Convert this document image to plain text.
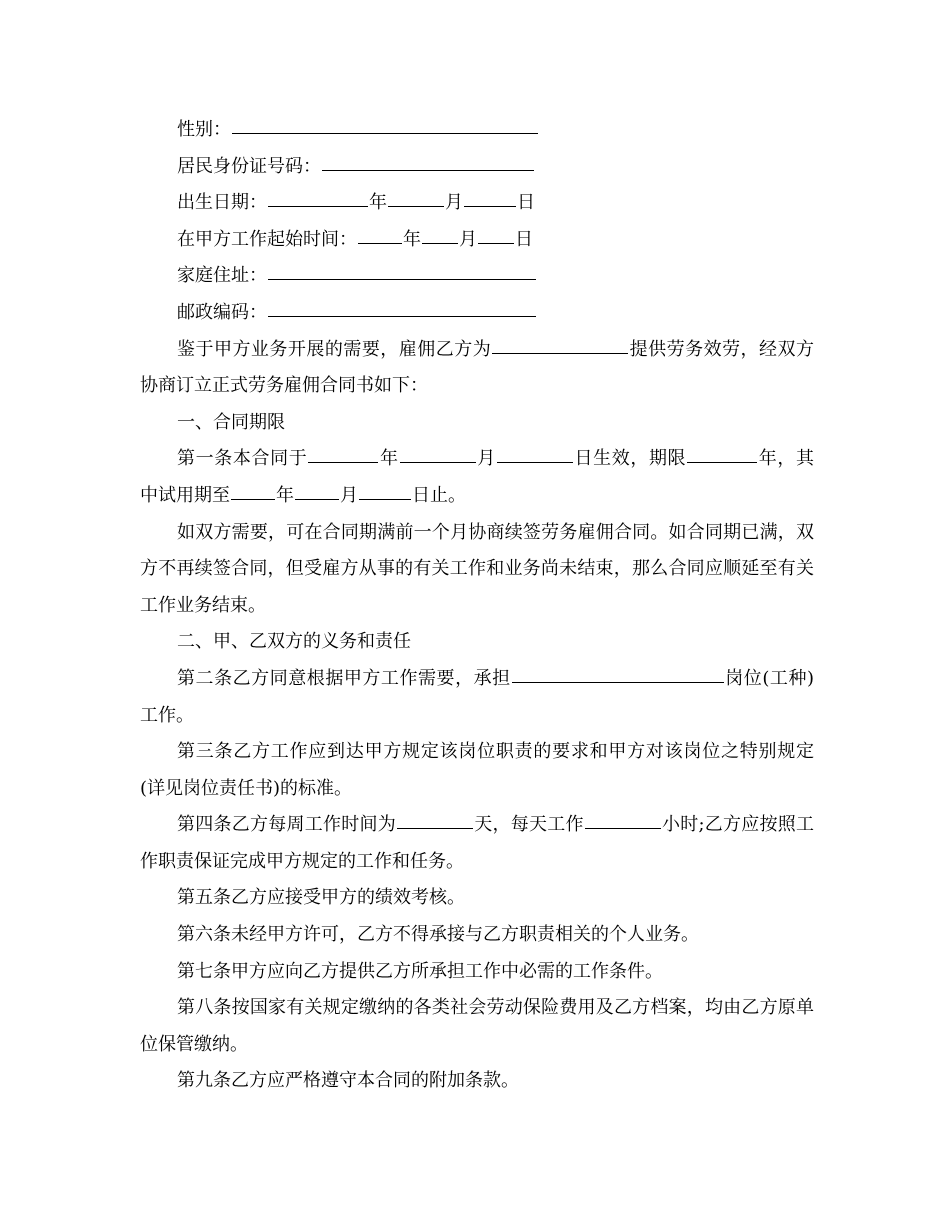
性别：
居民身份证号码：
出生日期：	年	月	日
在甲方工作起始时间：	年 月 日
家庭住址：
邮政编码：
鉴于甲方业务开展的需要，雇佣乙方为	提供劳务效劳，经双方协商订立正式劳务雇佣合同书如下：
一、合同期限
第一条本合同于	年	月	日生效，期限	年，其中试用期至	年	月	日止。
如双方需要，可在合同期满前一个月协商续签劳务雇佣合同。如合同期已满，双方不再续签合同，但受雇方从事的有关工作和业务尚未结束，那么合同应顺延至有关工作业务结束。
二、甲、乙双方的义务和责任
第二条乙方同意根据甲方工作需要，承担	岗位(工种)工作。
第三条乙方工作应到达甲方规定该岗位职责的要求和甲方对该岗位之特别规定(详见岗位责任书)的标准。
第四条乙方每周工作时间为	天，每天工作	小时;乙方应按照工作职责保证完成甲方规定的工作和任务。
第五条乙方应接受甲方的绩效考核。
第六条未经甲方许可，乙方不得承接与乙方职责相关的个人业务。
第七条甲方应向乙方提供乙方所承担工作中必需的工作条件。
第八条按国家有关规定缴纳的各类社会劳动保险费用及乙方档案，均由乙方原单位保管缴纳。
第九条乙方应严格遵守本合同的附加条款。
